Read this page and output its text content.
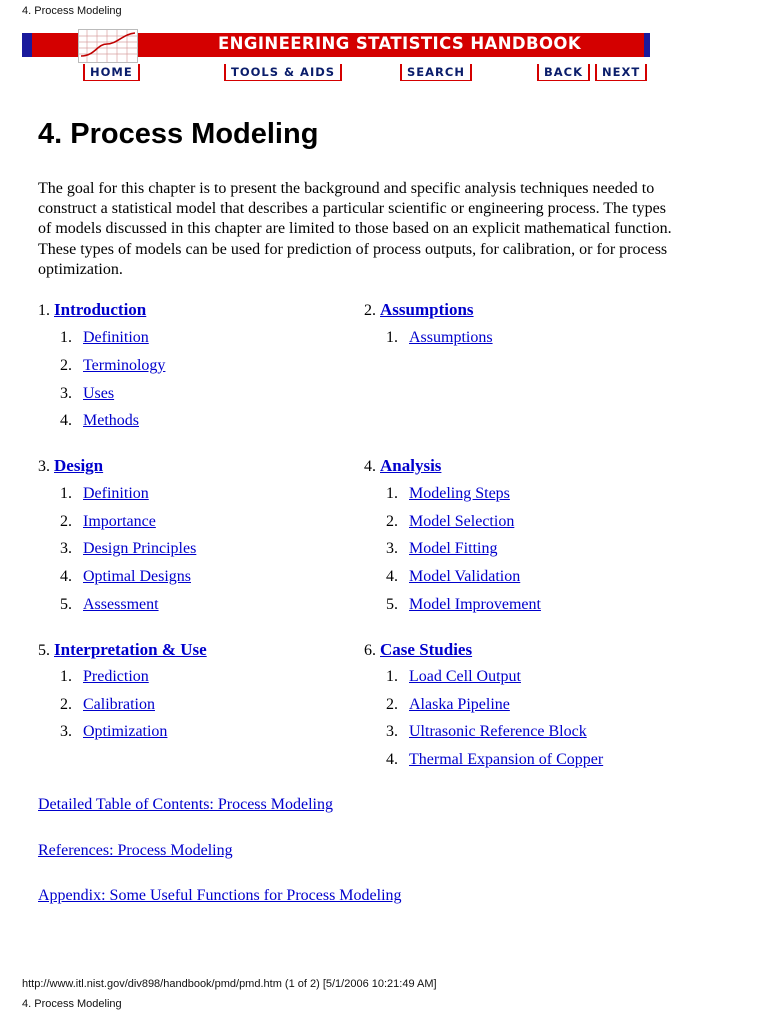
4. Process Modeling
ENGINEERING STATISTICS HANDBOOK
HOME	TOOLS & AIDS	SEARCH	BACK	NEXT
4. Process Modeling

The goal for this chapter is to present the background and specific analysis techniques needed to construct a statistical model that describes a particular scientific or engineering process. The types of models discussed in this chapter are limited to those based on an explicit mathematical function. These types of models can be used for prediction of process outputs, for calibration, or for process optimization.

1. Introduction
1. Definition
2. Terminology
3. Uses
4. Methods
2. Assumptions
1. Assumptions
3. Design
1. Definition
2. Importance
3. Design Principles
4. Optimal Designs
5. Assessment
4. Analysis
1. Modeling Steps
2. Model Selection
3. Model Fitting
4. Model Validation
5. Model Improvement
5. Interpretation & Use
1. Prediction
2. Calibration
3. Optimization
6. Case Studies
1. Load Cell Output
2. Alaska Pipeline
3. Ultrasonic Reference Block
4. Thermal Expansion of Copper
Detailed Table of Contents: Process Modeling
References: Process Modeling
Appendix: Some Useful Functions for Process Modeling
http://www.itl.nist.gov/div898/handbook/pmd/pmd.htm (1 of 2) [5/1/2006 10:21:49 AM]
4. Process Modeling
